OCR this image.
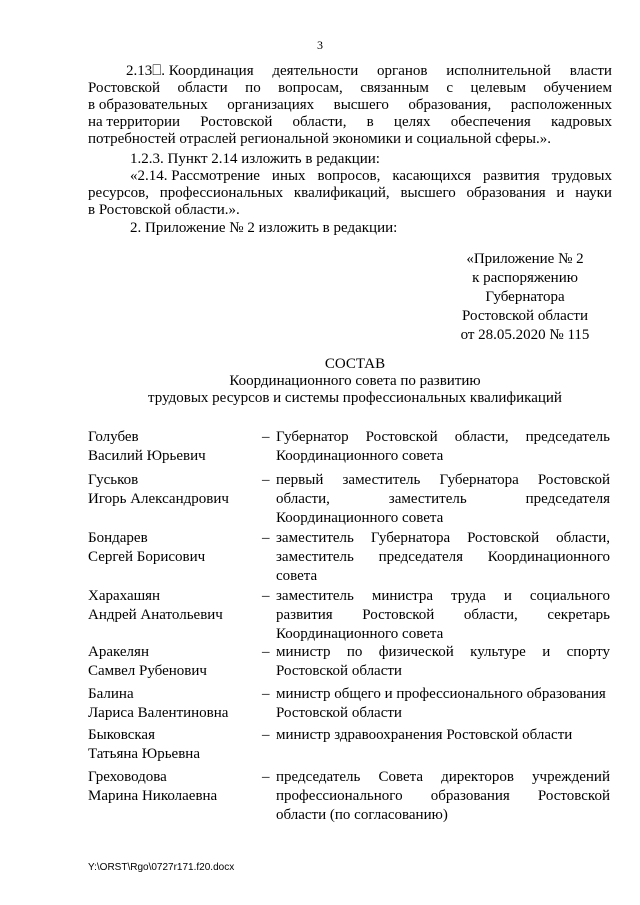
3
2.13⎕. Координация деятельности органов исполнительной власти
Ростовской области по вопросам, связанным с целевым обучением
в образовательных организациях высшего образования, расположенных
на территории Ростовской области, в целях обеспечения кадровых
потребностей отраслей региональной экономики и социальной сферы.».
1.2.3. Пункт 2.14 изложить в редакции:
«2.14. Рассмотрение иных вопросов, касающихся развития трудовых
ресурсов, профессиональных квалификаций, высшего образования и науки
в Ростовской области.».
2. Приложение № 2 изложить в редакции:
«Приложение № 2
к распоряжению
Губернатора
Ростовской области
от 28.05.2020 № 115
СОСТАВ
Координационного совета по развитию
трудовых ресурсов и системы профессиональных квалификаций
Голубев
Василий Юрьевич
– Губернатор Ростовской области, председатель
Координационного совета
Гуськов
Игорь Александрович
– первый заместитель Губернатора Ростовской
области,	заместитель	председателя
Координационного совета
Бондарев
Сергей Борисович
– заместитель Губернатора Ростовской области,
заместитель председателя Координационного
совета
Харахашян
Андрей Анатольевич
– заместитель министра труда и социального
развития Ростовской области, секретарь
Координационного совета
Аракелян
Самвел Рубенович
– министр по физической культуре и спорту
Ростовской области
Балина
Лариса Валентиновна
– министр общего и профессионального образования
Ростовской области
Быковская
Татьяна Юрьевна
– министр здравоохранения Ростовской области
Греховодова
Марина Николаевна
– председатель Совета директоров учреждений
профессионального образования Ростовской
области (по согласованию)
Y:\ORST\Rgo\0727r171.f20.docx
